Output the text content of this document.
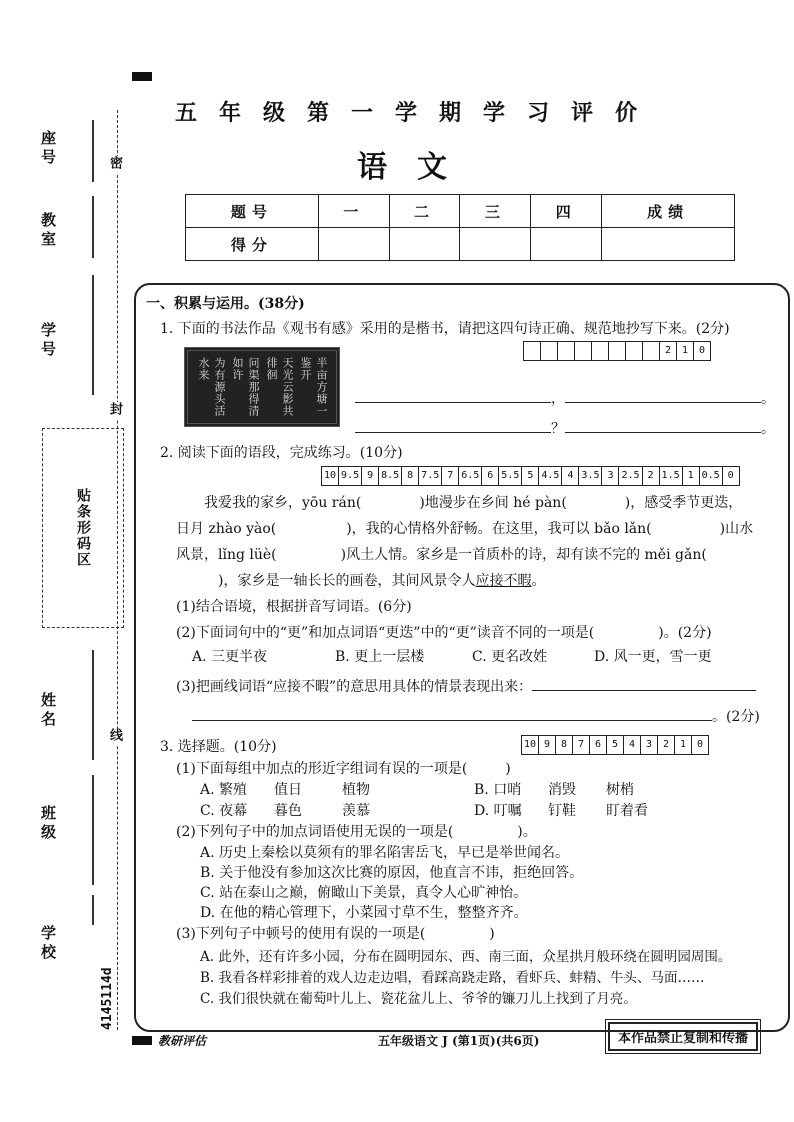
座号
教室
学号
姓名
班级
学校
密
封
线
贴条形码区
4145114d
五年级第一学期学习评价
语文
题号	一	二	三	四	成绩
得分					
一、积累与运用。(38分)
1. 下面的书法作品《观书有感》采用的是楷书，请把这四句诗正确、规范地抄写下来。(2分)
2	1	0
半亩方塘一鉴开
天光云影共徘徊
问渠那得清如许
为有源头活水来
，	。
？	。
2. 阅读下面的语段，完成练习。(10分)
10 9.5 9 8.5 8 7.5 7 6.5 6 5.5 5 4.5 4 3.5 3 2.5 2 1.5 1 0.5 0
我爱我的家乡，yōu rán(	)地漫步在乡间 hé pàn(	)，感受季节更迭，
日月 zhào yào(	)，我的心情格外舒畅。在这里，我可以 bǎo lǎn(	)山水
风景，lǐng lüè(	)风土人情。家乡是一首质朴的诗，却有读不完的 měi gǎn(
)，家乡是一轴长长的画卷，其间风景令人应接不暇。
(1)结合语境，根据拼音写词语。(6分)
(2)下面词句中的“更”和加点词语“更迭”中的“更”读音不同的一项是(	)。(2分)
A. 三更半夜	B. 更上一层楼	C. 更名改姓	D. 风一更，雪一更
(3)把画线词语“应接不暇”的意思用具体的情景表现出来：
。(2分)
3. 选择题。(10分)	10 9	8	7	6	5	4	3	2	1	0
(1)下面每组中加点的形近字组词有误的一项是(	)
A. 繁殖 值日	植物	B. 口哨 消毁 树梢
C. 夜幕 暮色	羡慕	D. 叮嘱 钉鞋 盯着看
(2)下列句子中的加点词语使用无误的一项是(	)。
A. 历史上秦桧以莫须有的罪名陷害岳飞，早已是举世闻名。
B. 关于他没有参加这次比赛的原因，他直言不讳，拒绝回答。
C. 站在泰山之巅，俯瞰山下美景，真令人心旷神怡。
D. 在他的精心管理下，小菜园寸草不生，整整齐齐。
(3)下列句子中顿号的使用有误的一项是(	)
A. 此外，还有许多小园，分布在圆明园东、西、南三面，众星拱月般环绕在圆明园周围。
B. 我看各样彩排着的戏人边走边唱，看踩高跷走路，看虾兵、蚌精、牛头、马面……
C. 我们很快就在葡萄叶儿上、瓷花盆儿上、爷爷的镰刀儿上找到了月亮。
教研评估	五年级语文 J (第1页)(共6页)	本作品禁止复制和传播
